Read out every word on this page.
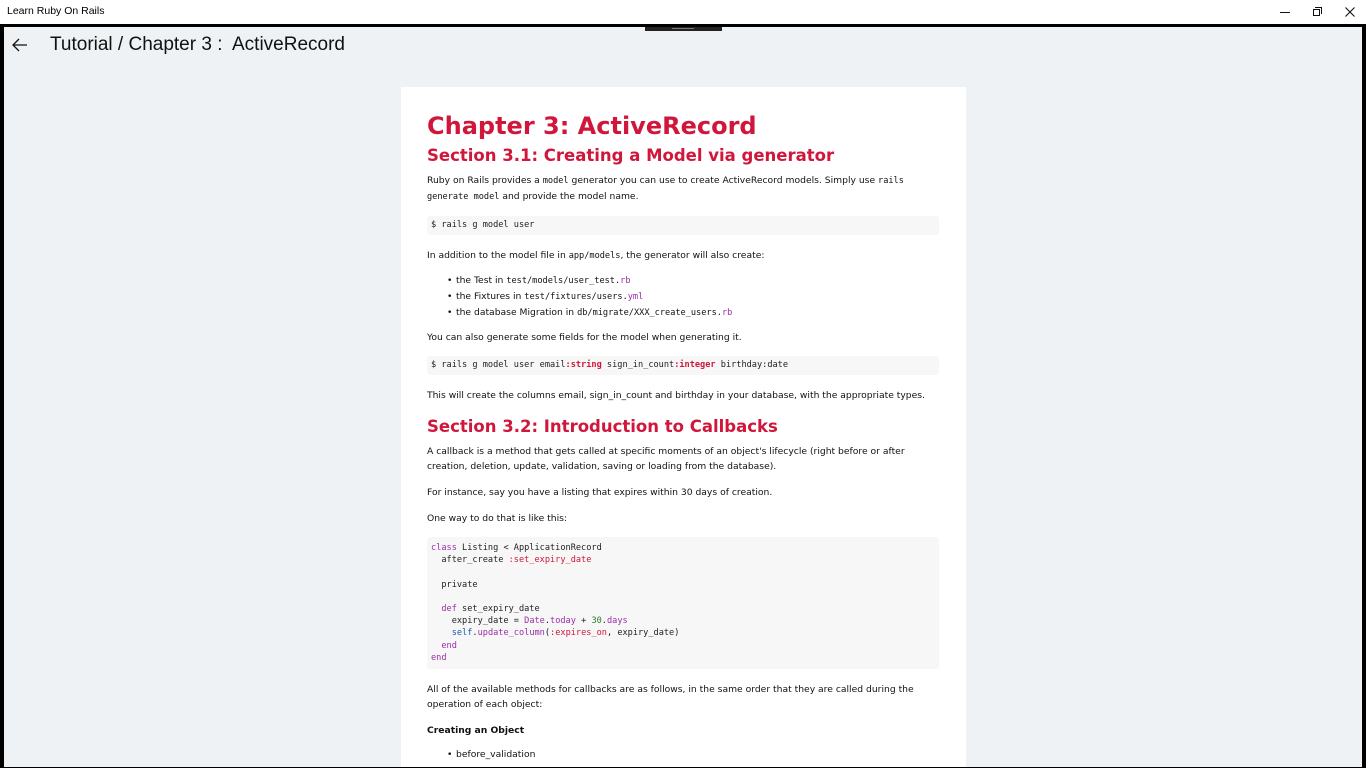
Learn Ruby On Rails
Tutorial / Chapter 3 :  ActiveRecord
Chapter 3: ActiveRecord
Section 3.1: Creating a Model via generator
Ruby on Rails provides a model generator you can use to create ActiveRecord models. Simply use rails generate model and provide the model name.
$ rails g model user
In addition to the model file in app/models, the generator will also create:
• the Test in test/models/user_test.rb
• the Fixtures in test/fixtures/users.yml
• the database Migration in db/migrate/XXX_create_users.rb
You can also generate some fields for the model when generating it.
$ rails g model user email:string sign_in_count:integer birthday:date
This will create the columns email, sign_in_count and birthday in your database, with the appropriate types.
Section 3.2: Introduction to Callbacks
A callback is a method that gets called at specific moments of an object's lifecycle (right before or after creation, deletion, update, validation, saving or loading from the database).
For instance, say you have a listing that expires within 30 days of creation.
One way to do that is like this:
class Listing < ApplicationRecord
after_create :set_expiry_date

private

def set_expiry_date
expiry_date = Date.today + 30.days
self.update_column(:expires_on, expiry_date)
end
end
All of the available methods for callbacks are as follows, in the same order that they are called during the operation of each object:
Creating an Object
• before_validation
